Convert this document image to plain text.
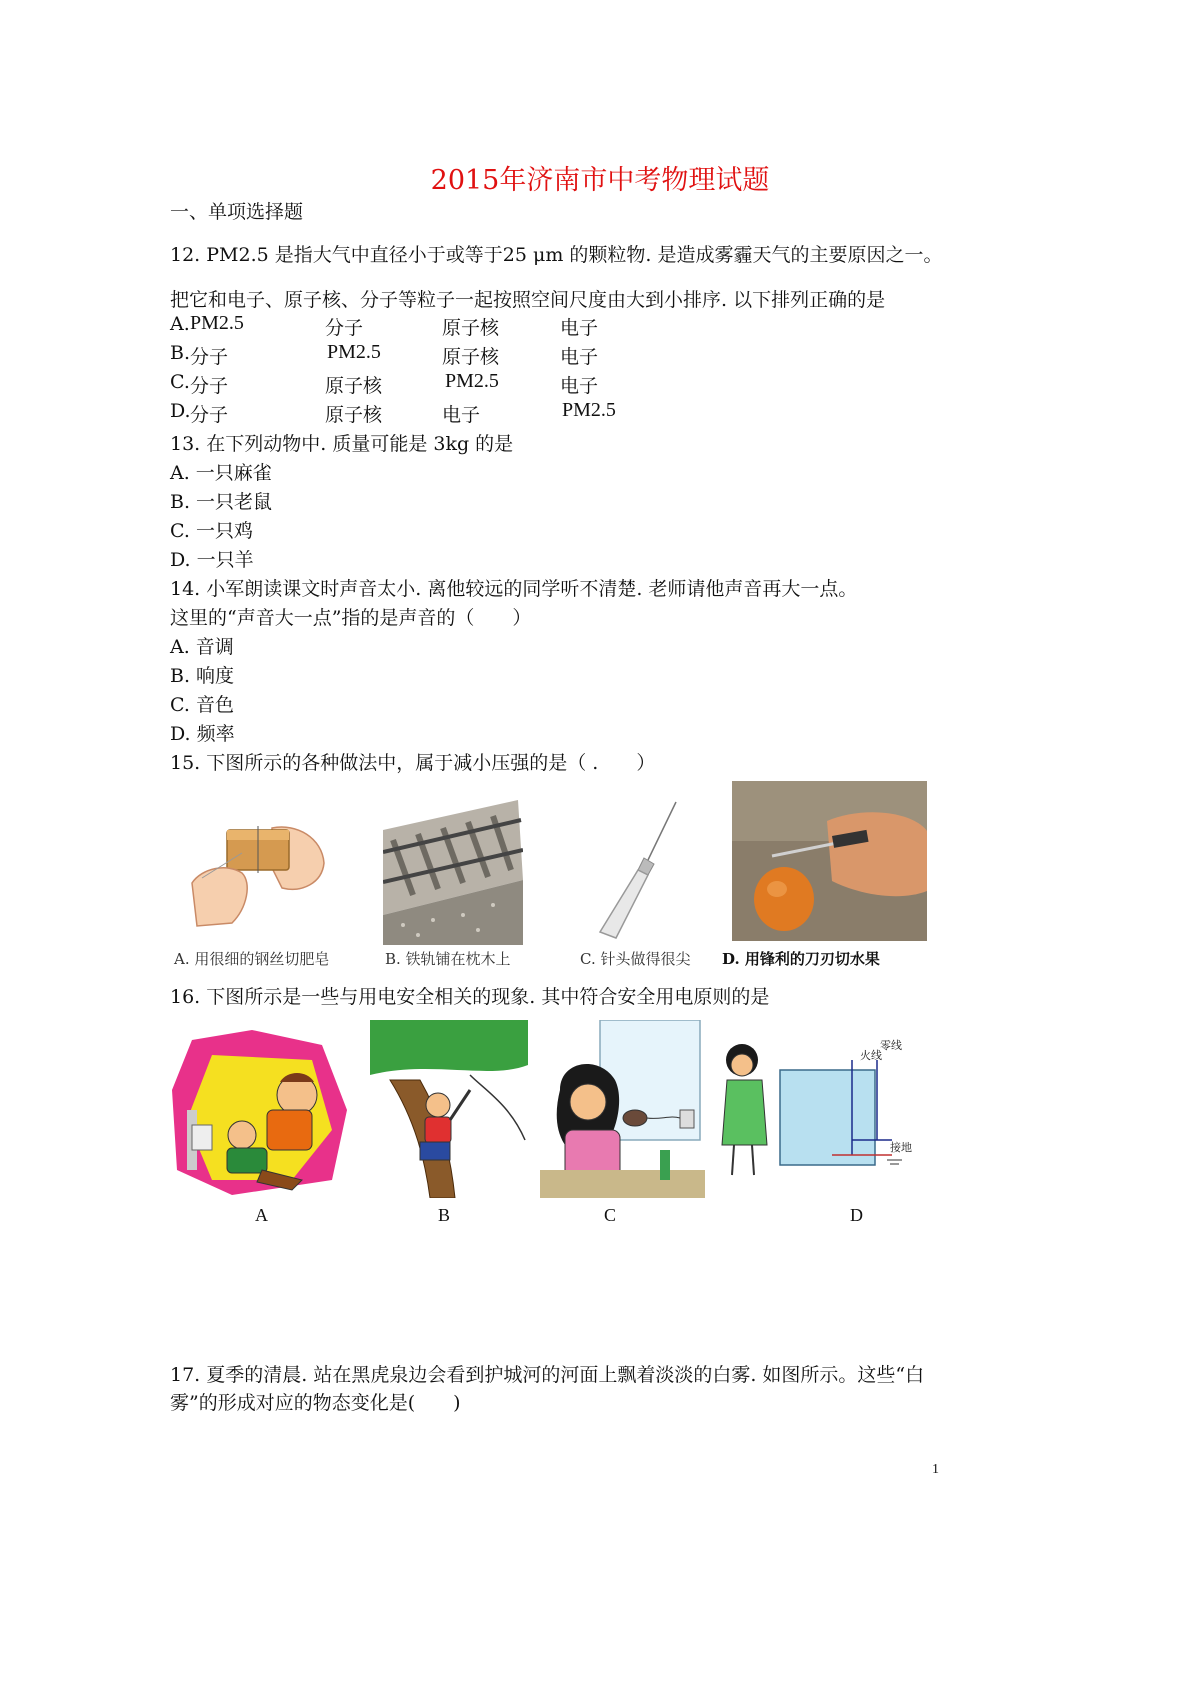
2015年济南市中考物理试题
一、单项选择题
12. PM2.5 是指大气中直径小于或等于25 μm 的颗粒物. 是造成雾霾天气的主要原因之一。
把它和电子、原子核、分子等粒子一起按照空间尺度由大到小排序. 以下排列正确的是
A. PM2.5	分子	原子核	电子
B. 分子	PM2.5	原子核	电子
C. 分子	原子核	PM2.5	电子
D. 分子	原子核	电子	PM2.5
13. 在下列动物中. 质量可能是 3kg 的是
A. 一只麻雀
B. 一只老鼠
C. 一只鸡
D. 一只羊
14. 小军朗读课文时声音太小. 离他较远的同学听不清楚. 老师请他声音再大一点。
这里的“声音大一点”指的是声音的（　　）
A. 音调
B. 响度
C. 音色
D. 频率
15. 下图所示的各种做法中，属于减小压强的是（ .　　）
A. 用很细的钢丝切肥皂	B. 铁轨铺在枕木上	C. 针头做得很尖 D. 用锋利的刀刃切水果
16. 下图所示是一些与用电安全相关的现象. 其中符合安全用电原则的是
A	B	C
火线
零线
接地
D
17. 夏季的清晨. 站在黑虎泉边会看到护城河的河面上飘着淡淡的白雾. 如图所示。这些“白
雾”的形成对应的物态变化是(　　)
1
